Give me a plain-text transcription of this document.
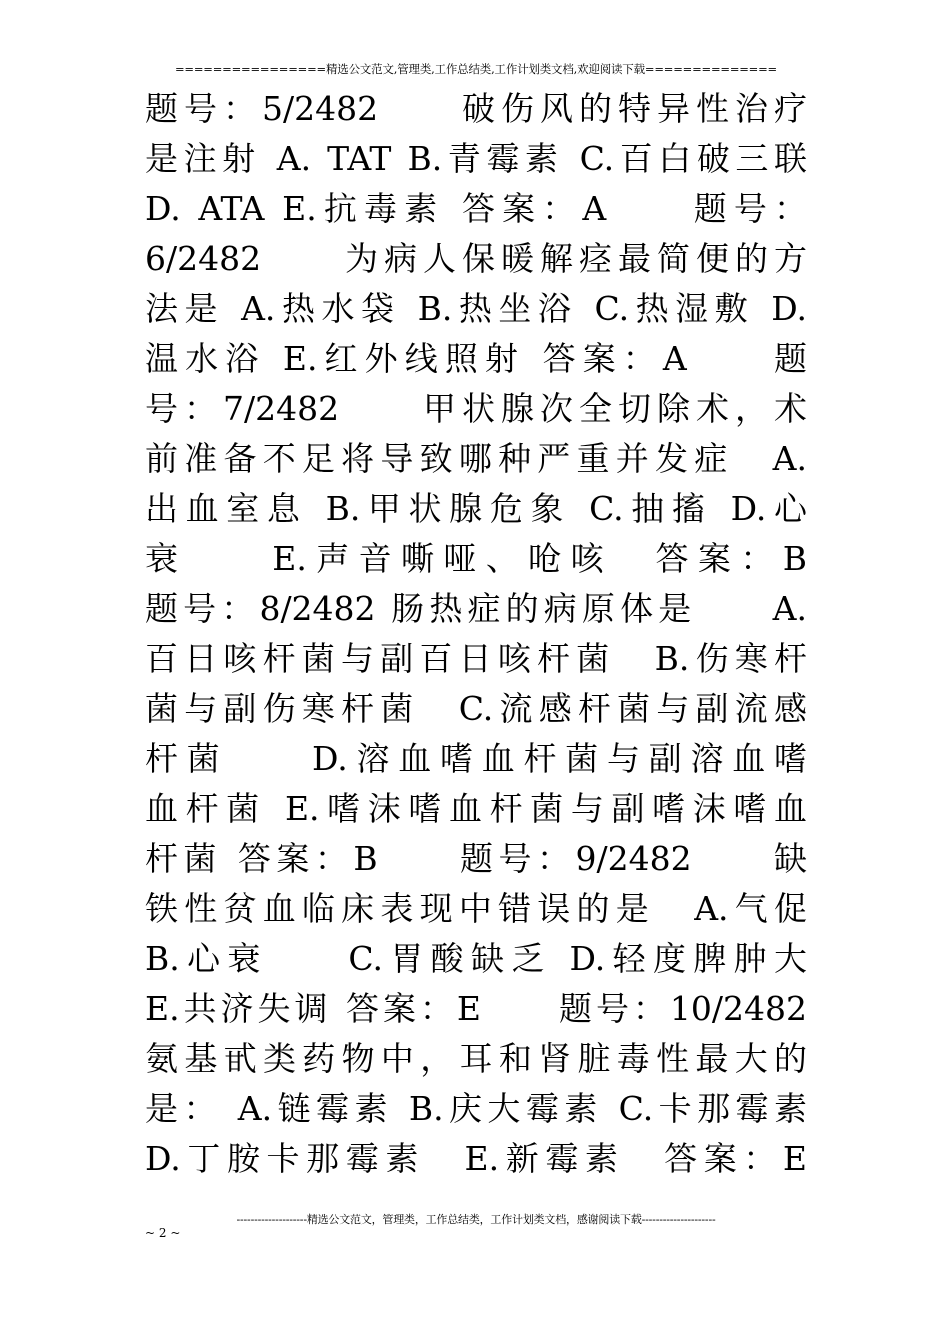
================精选公文范文,管理类,工作总结类,工作计划类文档,欢迎阅读下载==============
题号：5/2482　　破伤风的特异性治疗
是注射 A. TAT B.青霉素 C.百白破三联
D. ATA E.抗毒素 答案：A　　题号：
6/2482　　为病人保暖解痉最简便的方
法是 A.热水袋 B.热坐浴 C.热湿敷 D.
温水浴 E.红外线照射 答案：A　　题
号：7/2482　　甲状腺次全切除术，术
前准备不足将导致哪种严重并发症　A.
出血室息 B.甲状腺危象 C.抽搐 D.心
衰　　E.声音嘶哑、呛咳　答案：B
题号：8/2482 肠热症的病原体是　　A.
百日咳杆菌与副百日咳杆菌　B.伤寒杆
菌与副伤寒杆菌　C.流感杆菌与副流感
杆菌　　D.溶血嗜血杆菌与副溶血嗜
血杆菌 E.嗜沫嗜血杆菌与副嗜沫嗜血
杆菌 答案：B　　题号：9/2482　　缺
铁性贫血临床表现中错误的是　A.气促
B.心衰　　C.胃酸缺乏 D.轻度脾肿大
E.共济失调 答案：E　　题号：10/2482
氨基甙类药物中，耳和肾脏毒性最大的
是： A.链霉素 B.庆大霉素 C.卡那霉素
D.丁胺卡那霉素　E.新霉素　答案：E
--------------------精选公文范文，管理类，工作总结类，工作计划类文档，感谢阅读下载---------------------
~ 2 ~
